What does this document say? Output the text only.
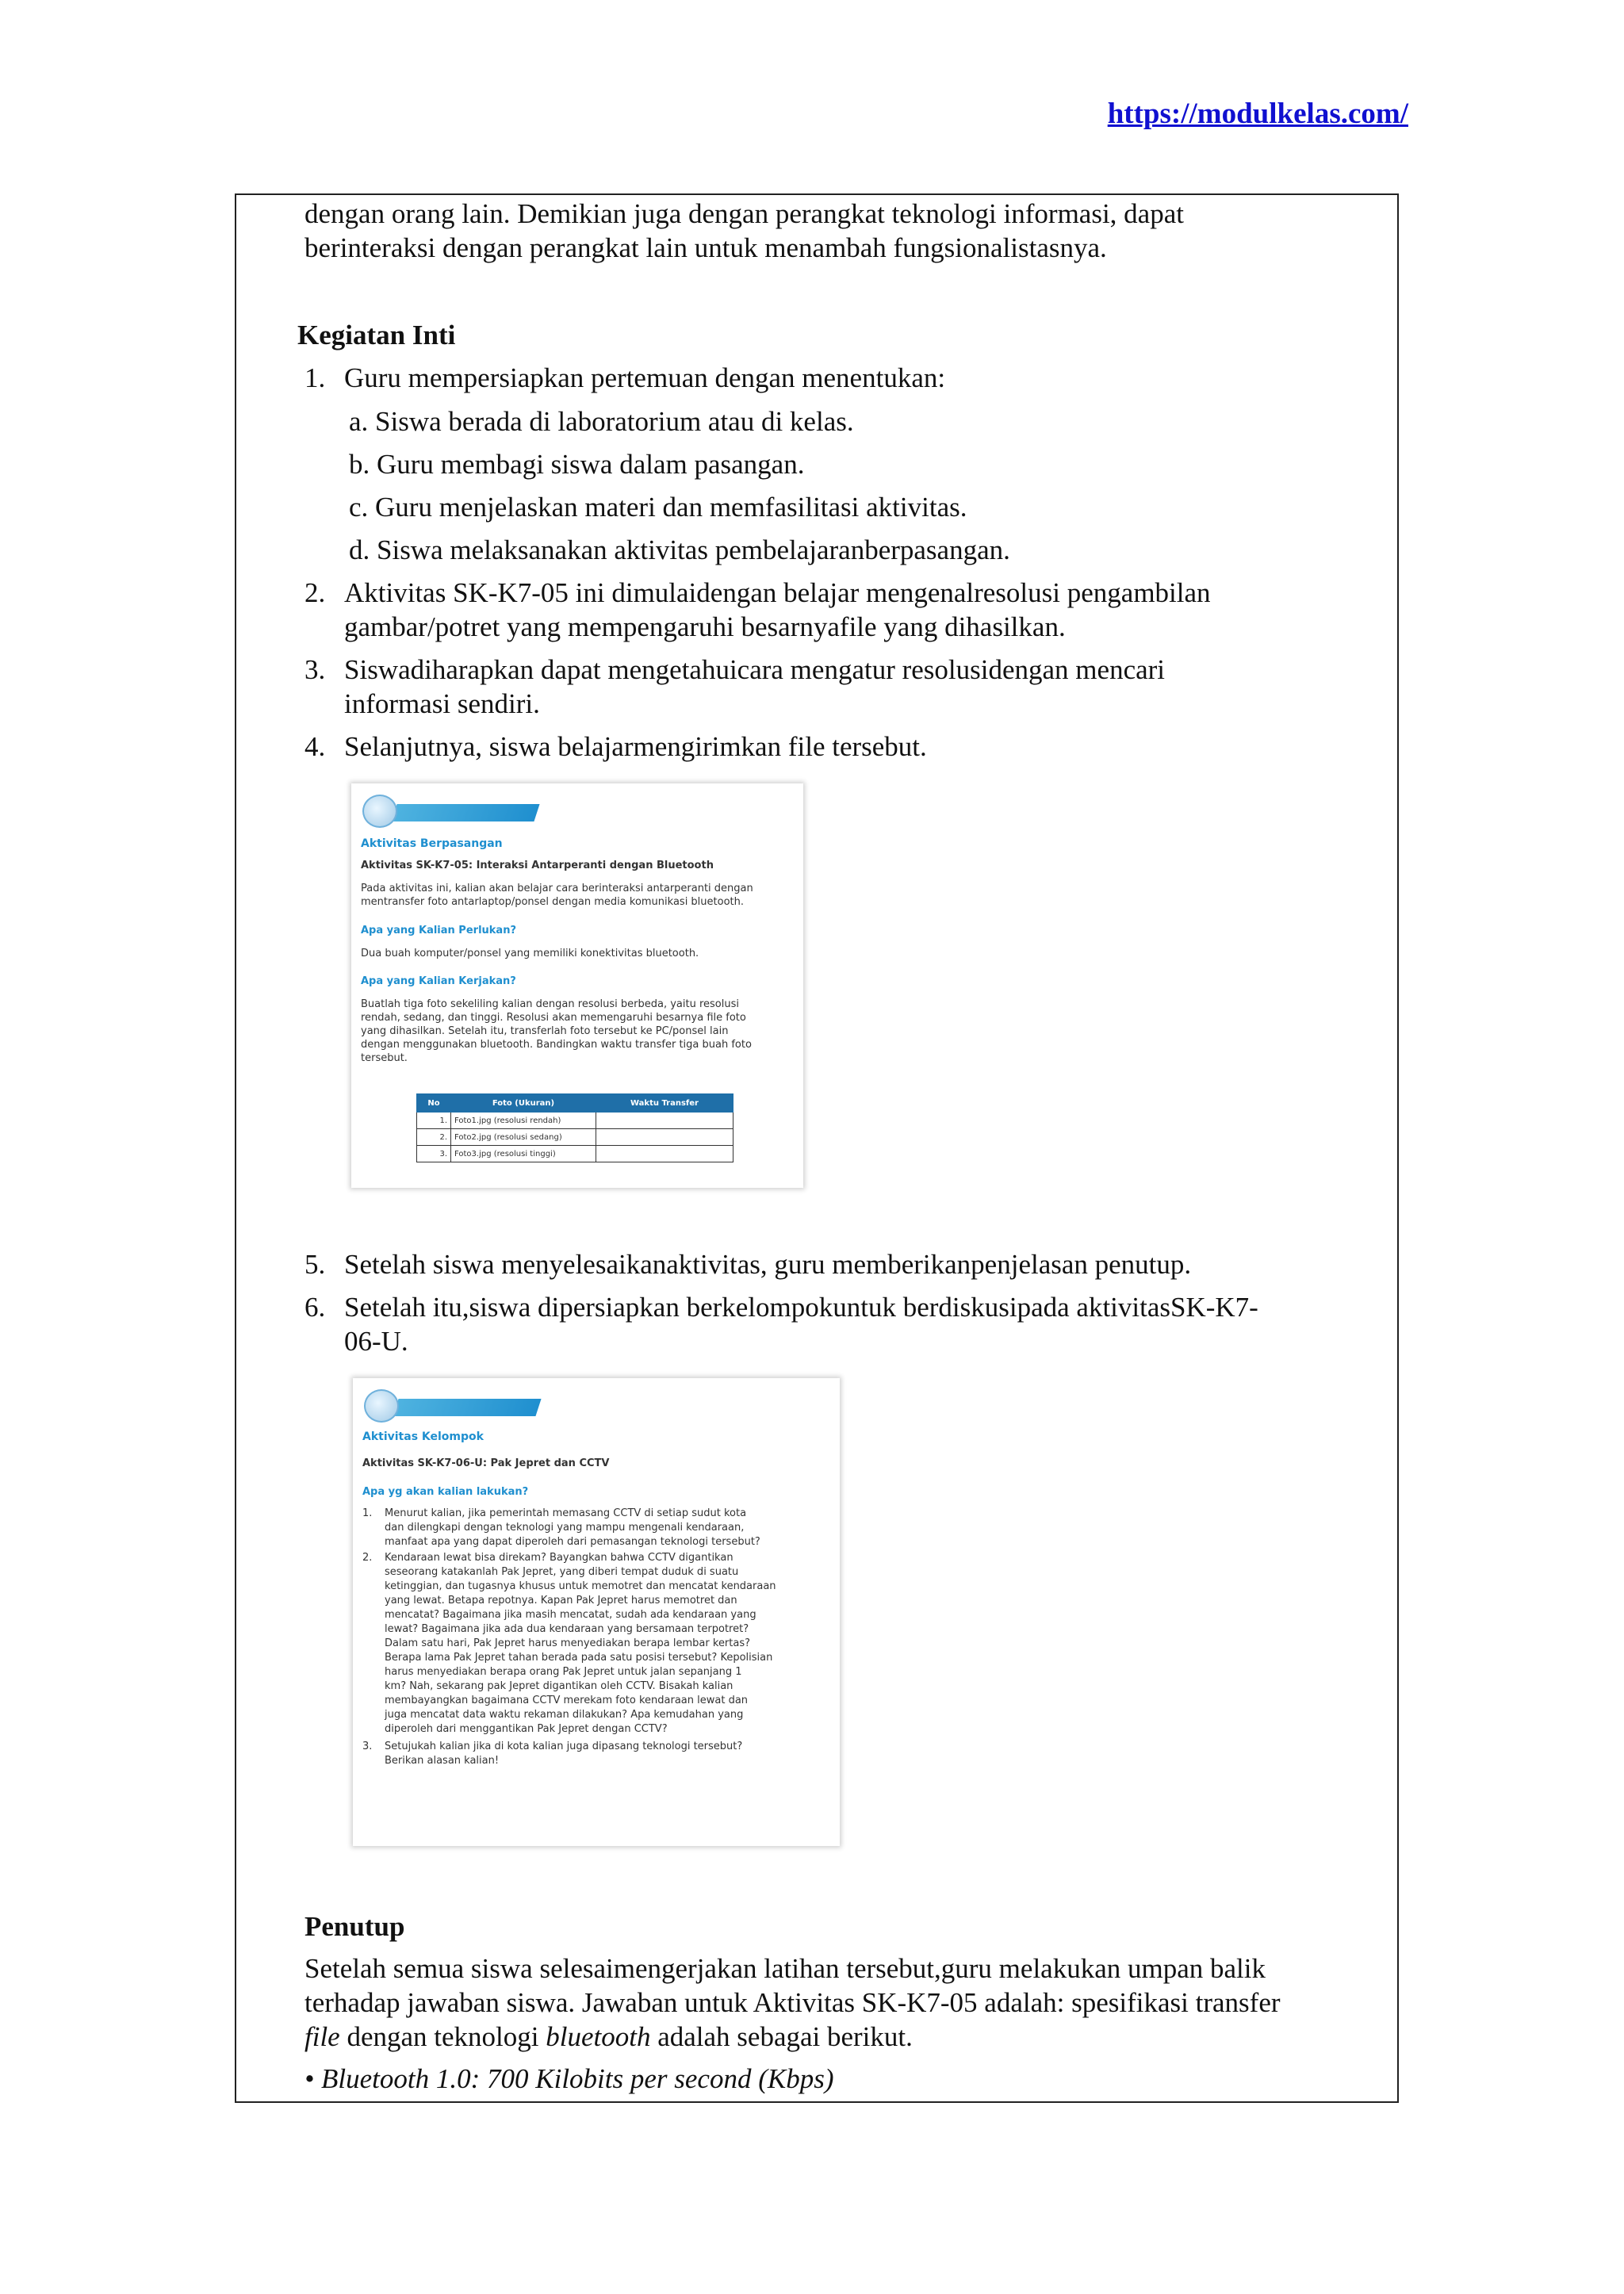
https://modulkelas.com/
dengan orang lain. Demikian juga dengan perangkat teknologi informasi, dapat
berinteraksi dengan perangkat lain untuk menambah fungsionalistasnya.
Kegiatan Inti
1. Guru mempersiapkan pertemuan dengan menentukan:
a. Siswa berada di laboratorium atau di kelas.
b. Guru membagi siswa dalam pasangan.
c. Guru menjelaskan materi dan memfasilitasi aktivitas.
d. Siswa melaksanakan aktivitas pembelajaranberpasangan.
2. Aktivitas SK-K7-05 ini dimulaidengan belajar mengenalresolusi pengambilan
gambar/potret yang mempengaruhi besarnyafile yang dihasilkan.
3. Siswadiharapkan dapat mengetahuicara mengatur resolusidengan mencari
informasi sendiri.
4. Selanjutnya, siswa belajarmengirimkan file tersebut.
Aktivitas Berpasangan
Aktivitas SK-K7-05: Interaksi Antarperanti dengan Bluetooth
Pada aktivitas ini, kalian akan belajar cara berinteraksi antarperanti dengan
mentransfer foto antarlaptop/ponsel dengan media komunikasi bluetooth.
Apa yang Kalian Perlukan?
Dua buah komputer/ponsel yang memiliki konektivitas bluetooth.
Apa yang Kalian Kerjakan?
Buatlah tiga foto sekeliling kalian dengan resolusi berbeda, yaitu resolusi
rendah, sedang, dan tinggi. Resolusi akan memengaruhi besarnya file foto
yang dihasilkan. Setelah itu, transferlah foto tersebut ke PC/ponsel lain
dengan menggunakan bluetooth. Bandingkan waktu transfer tiga buah foto
tersebut.
No	Foto (Ukuran)	Waktu Transfer
1.	Foto1.jpg (resolusi rendah)	
2.	Foto2.jpg (resolusi sedang)	
3.	Foto3.jpg (resolusi tinggi)	
5. Setelah siswa menyelesaikanaktivitas, guru memberikanpenjelasan penutup.
6. Setelah itu,siswa dipersiapkan berkelompokuntuk berdiskusipada aktivitasSK-K7-
06-U.
Aktivitas Kelompok
Aktivitas SK-K7-06-U: Pak Jepret dan CCTV
Apa yg akan kalian lakukan?
1. Menurut kalian, jika pemerintah memasang CCTV di setiap sudut kota
dan dilengkapi dengan teknologi yang mampu mengenali kendaraan,
manfaat apa yang dapat diperoleh dari pemasangan teknologi tersebut?
2. Kendaraan lewat bisa direkam? Bayangkan bahwa CCTV digantikan
seseorang katakanlah Pak Jepret, yang diberi tempat duduk di suatu
ketinggian, dan tugasnya khusus untuk memotret dan mencatat kendaraan
yang lewat. Betapa repotnya. Kapan Pak Jepret harus memotret dan
mencatat? Bagaimana jika masih mencatat, sudah ada kendaraan yang
lewat? Bagaimana jika ada dua kendaraan yang bersamaan terpotret?
Dalam satu hari, Pak Jepret harus menyediakan berapa lembar kertas?
Berapa lama Pak Jepret tahan berada pada satu posisi tersebut? Kepolisian
harus menyediakan berapa orang Pak Jepret untuk jalan sepanjang 1
km? Nah, sekarang pak Jepret digantikan oleh CCTV. Bisakah kalian
membayangkan bagaimana CCTV merekam foto kendaraan lewat dan
juga mencatat data waktu rekaman dilakukan? Apa kemudahan yang
diperoleh dari menggantikan Pak Jepret dengan CCTV?
3. Setujukah kalian jika di kota kalian juga dipasang teknologi tersebut?
Berikan alasan kalian!
Penutup
Setelah semua siswa selesaimengerjakan latihan tersebut,guru melakukan umpan balik
terhadap jawaban siswa. Jawaban untuk Aktivitas SK-K7-05 adalah: spesifikasi transfer
file dengan teknologi bluetooth adalah sebagai berikut.
• Bluetooth 1.0: 700 Kilobits per second (Kbps)
